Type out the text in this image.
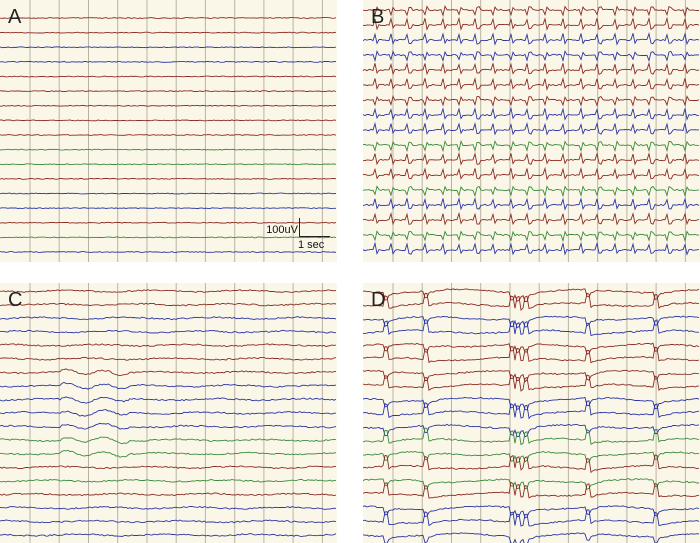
A
100uV
1 sec
B
C	D
